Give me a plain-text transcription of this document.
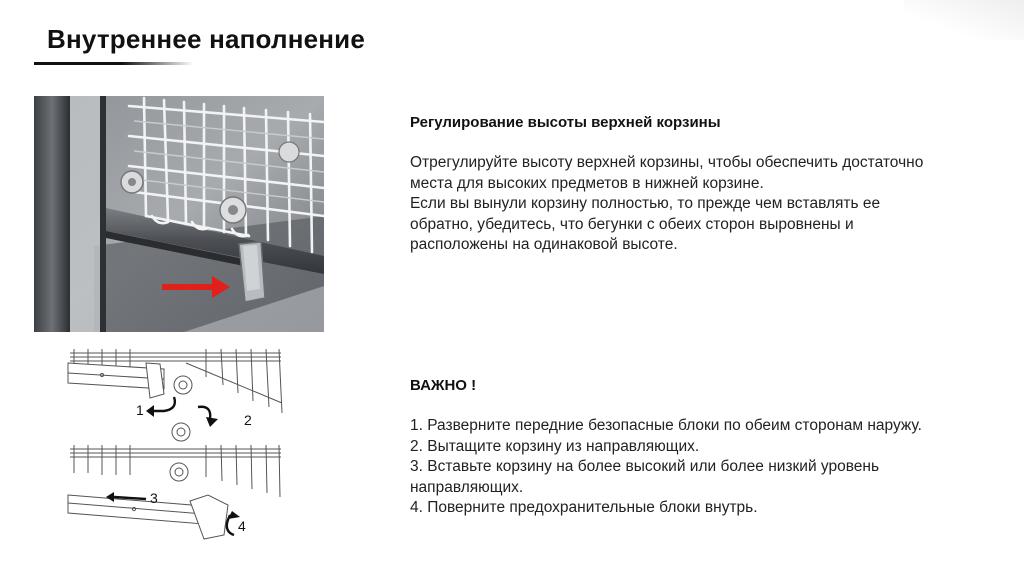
Внутреннее наполнение
1
2
3
4

Регулирование высоты верхней корзины

Отрегулируйте высоту верхней корзины, чтобы обеспечить достаточно места для высоких предметов в нижней корзине.

Если вы вынули корзину полностью, то прежде чем вставлять ее обратно, убедитесь, что бегунки с обеих сторон выровнены и расположены на одинаковой высоте.

ВАЖНО !

1. Разверните передние безопасные блоки по обеим сторонам наружу.

2. Вытащите корзину из направляющих.

3. Вставьте корзину на более высокий или более низкий уровень направляющих.

4. Поверните предохранительные блоки внутрь.
